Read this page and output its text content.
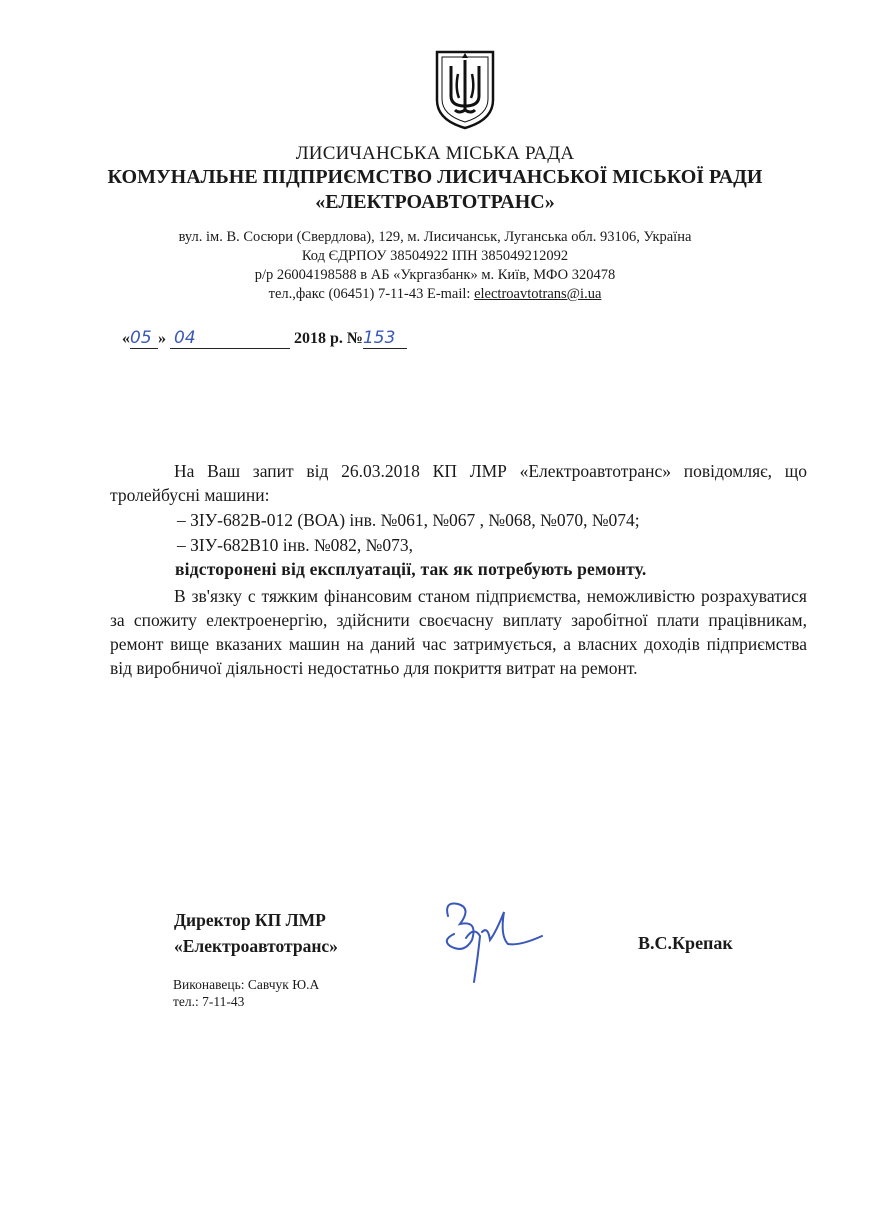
ЛИСИЧАНСЬКА МІСЬКА РАДА
КОМУНАЛЬНЕ ПІДПРИЄМСТВО ЛИСИЧАНСЬКОЇ МІСЬКОЇ РАДИ
«ЕЛЕКТРОАВТОТРАНС»
вул. ім. В. Сосюри (Свердлова), 129, м. Лисичанськ, Луганська обл. 93106, Україна
Код ЄДРПОУ 38504922 ІПН 385049212092
р/р 26004198588 в АБ «Укргазбанк» м. Київ, МФО 320478
тел.,факс (06451) 7-11-43 E-mail: electroavtotrans@i.ua
«05 » 04	2018 р. №153
На Ваш запит від 26.03.2018 КП ЛМР «Електроавтотранс» повідомляє, що тролейбусні машини:
– ЗІУ-682В-012 (ВОА) інв. №061, №067 , №068, №070, №074;
– ЗІУ-682В10 інв. №082, №073,
відсторонені від експлуатації, так як потребують ремонту.
В зв'язку с тяжким фінансовим станом підприємства, неможливістю розрахуватися за спожиту електроенергію, здійснити своєчасну виплату заробітної плати працівникам, ремонт вище вказаних машин на даний час затримується, а власних доходів підприємства від виробничої діяльності недостатньо для покриття витрат на ремонт.
Директор КП ЛМР
«Електроавтотранс»	В.С.Крепак
Виконавець: Савчук Ю.А
тел.: 7-11-43
